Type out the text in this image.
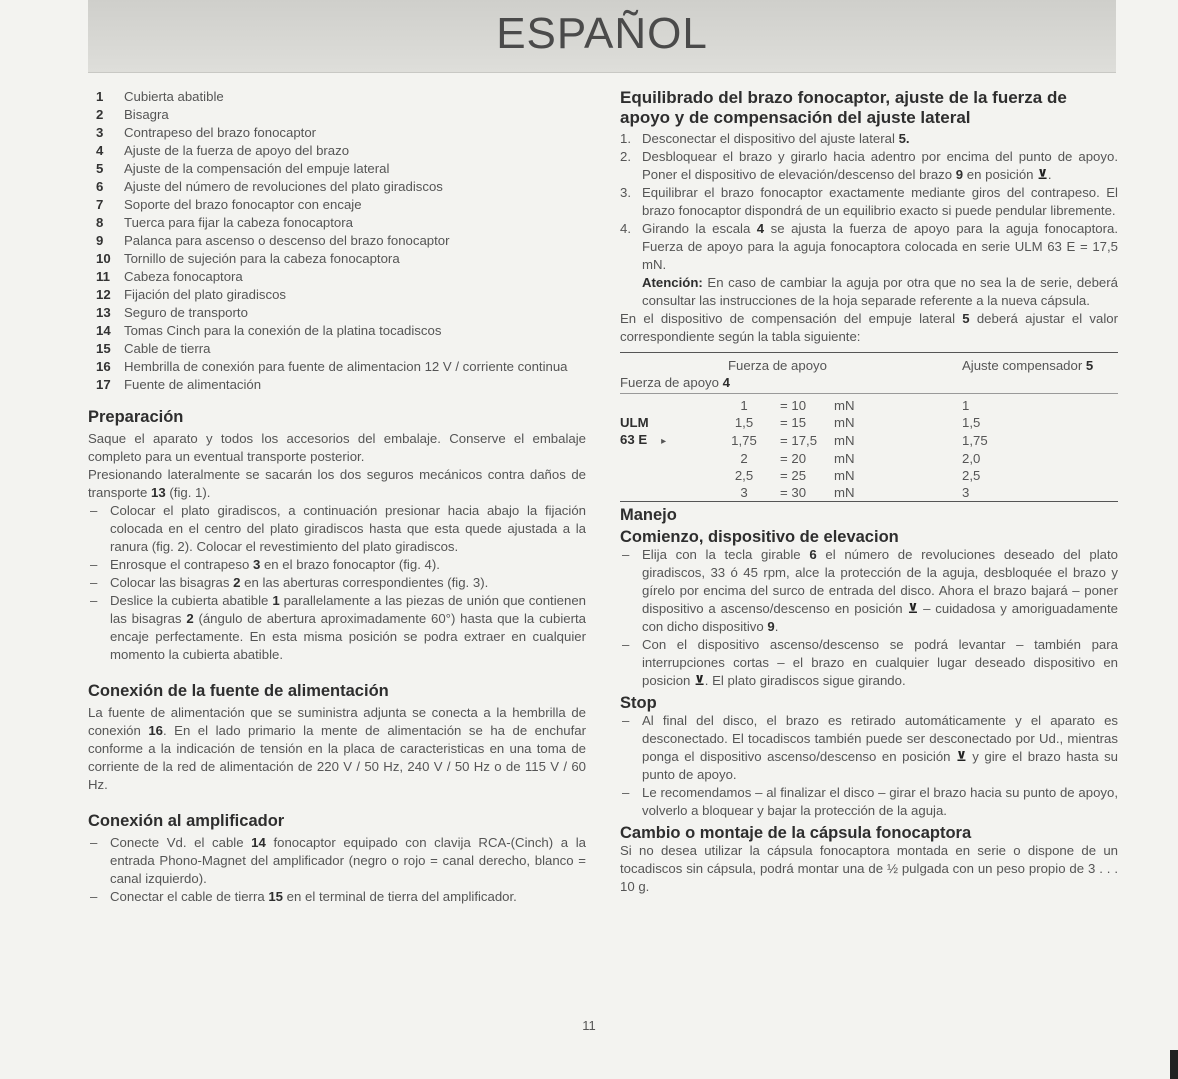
ESPAÑOL
1	Cubierta abatible
2	Bisagra
3	Contrapeso del brazo fonocaptor
4	Ajuste de la fuerza de apoyo del brazo
5	Ajuste de la compensación del empuje lateral
6	Ajuste del número de revoluciones del plato giradiscos
7	Soporte del brazo fonocaptor con encaje
8	Tuerca para fijar la cabeza fonocaptora
9	Palanca para ascenso o descenso del brazo fonocaptor
10	Tornillo de sujeción para la cabeza fonocaptora
11	Cabeza fonocaptora
12	Fijación del plato giradiscos
13	Seguro de transporto
14	Tomas Cinch para la conexión de la platina tocadiscos
15	Cable de tierra
16	Hembrilla de conexión para fuente de alimentacion 12 V / corriente continua
17	Fuente de alimentación
Preparación

Saque el aparato y todos los accesorios del embalaje. Conserve el embalaje completo para un eventual transporte posterior.

Presionando lateralmente se sacarán los dos seguros mecánicos contra daños de transporte 13 (fig. 1).

– Colocar el plato giradiscos, a continuación presionar hacia abajo la fijación colocada en el centro del plato giradiscos hasta que esta quede ajustada a la ranura (fig. 2). Colocar el revestimiento del plato giradiscos.
– Enrosque el contrapeso 3 en el brazo fonocaptor (fig. 4).
– Colocar las bisagras 2 en las aberturas correspondientes (fig. 3).
– Deslice la cubierta abatible 1 parallelamente a las piezas de unión que contienen las bisagras 2 (ángulo de abertura aproximadamente 60°) hasta que la cubierta encaje perfectamente. En esta misma posición se podra extraer en cualquier momento la cubierta abatible.
Conexión de la fuente de alimentación

La fuente de alimentación que se suministra adjunta se conecta a la hembrilla de conexión 16. En el lado primario la mente de alimentación se ha de enchufar conforme a la indicación de tensión en la placa de caracteristicas en una toma de corriente de la red de alimentación de 220 V / 50 Hz, 240 V / 50 Hz o de 115 V / 60 Hz.

Conexión al amplificador
– Conecte Vd. el cable 14 fonocaptor equipado con clavija RCA-(Cinch) a la entrada Phono-Magnet del amplificador (negro o rojo = canal derecho, blanco = canal izquierdo).
– Conectar el cable de tierra 15 en el terminal de tierra del amplificador.
Equilibrado del brazo fonocaptor, ajuste de la fuerza de apoyo y de compensación del ajuste lateral
1. Desconectar el dispositivo del ajuste lateral 5.
2. Desbloquear el brazo y girarlo hacia adentro por encima del punto de apoyo. Poner el dispositivo de elevación/descenso del brazo 9 en posición ⊻.
3. Equilibrar el brazo fonocaptor exactamente mediante giros del contrapeso. El brazo fonocaptor dispondrá de un equilibrio exacto si puede pendular libremente.
4. Girando la escala 4 se ajusta la fuerza de apoyo para la aguja fonocaptora. Fuerza de apoyo para la aguja fonocaptora colocada en serie ULM 63 E = 17,5 mN.
Atención: En caso de cambiar la aguja por otra que no sea la de serie, deberá consultar las instrucciones de la hoja separade referente a la nueva cápsula.

En el dispositivo de compensación del empuje lateral 5 deberá ajustar el valor correspondiente según la tabla siguiente:

	Fuerza de apoyo			Ajuste compensador 5
Fuerza de apoyo 4				
	1	= 10	mN	1
ULM	1,5	= 15	mN	1,5
63 E ▸	1,75	= 17,5	mN	1,75
	2	= 20	mN	2,0
	2,5	= 25	mN	2,5
	3	= 30	mN	3
Manejo
Comienzo, dispositivo de elevacion
– Elija con la tecla girable 6 el número de revoluciones deseado del plato giradiscos, 33 ó 45 rpm, alce la protección de la aguja, desbloquée el brazo y gírelo por encima del surco de entrada del disco. Ahora el brazo bajará – poner dispositivo a ascenso/descenso en posición ⊻ – cuidadosa y amoriguadamente con dicho dispositivo 9.
– Con el dispositivo ascenso/descenso se podrá levantar – también para interrupciones cortas – el brazo en cualquier lugar deseado dispositivo en posicion ⊻. El plato giradiscos sigue girando.
Stop
– Al final del disco, el brazo es retirado automáticamente y el aparato es desconectado. El tocadiscos también puede ser desconectado por Ud., mientras ponga el dispositivo ascenso/descenso en posición ⊻ y gire el brazo hasta su punto de apoyo.
– Le recomendamos – al finalizar el disco – girar el brazo hacia su punto de apoyo, volverlo a bloquear y bajar la protección de la aguja.
Cambio o montaje de la cápsula fonocaptora

Si no desea utilizar la cápsula fonocaptora montada en serie o dispone de un tocadiscos sin cápsula, podrá montar una de ½ pulgada con un peso propio de 3 . . . 10 g.

11
